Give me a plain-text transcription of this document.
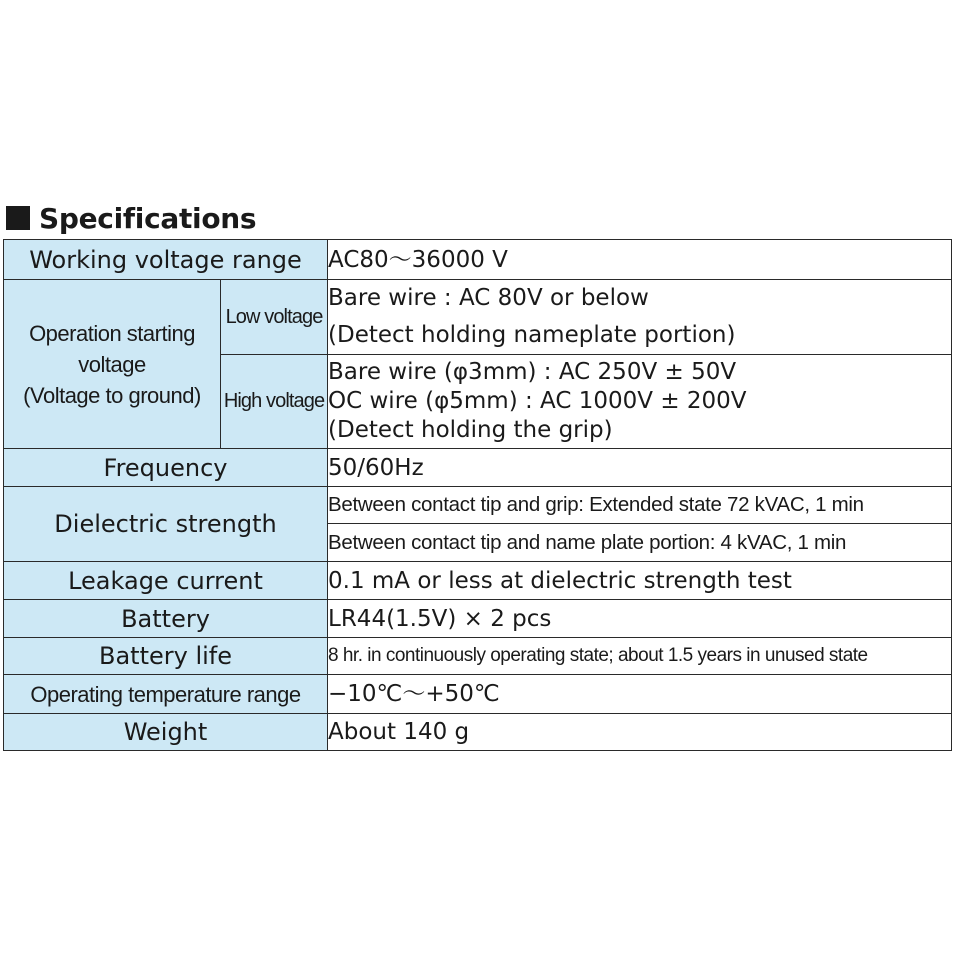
Specifications
Working voltage range		AC80～36000 V

Operation starting
voltage
(Voltage to ground)	Low voltage	Bare wire : AC 80V or below
(Detect holding nameplate portion)

	High voltage	Bare wire (φ3mm) : AC 250V ± 50V
OC wire (φ5mm) : AC 1000V ± 200V
(Detect holding the grip)

Frequency		50/60Hz
Dielectric strength		Between contact tip and grip: Extended state 72 kVAC, 1 min
		Between contact tip and name plate portion: 4 kVAC, 1 min
Leakage current		0.1 mA or less at dielectric strength test
Battery		LR44(1.5V) × 2 pcs
Battery life		8 hr. in continuously operating state; about 1.5 years in unused state
Operating temperature range		−10℃～+50℃
Weight		About 140 g
